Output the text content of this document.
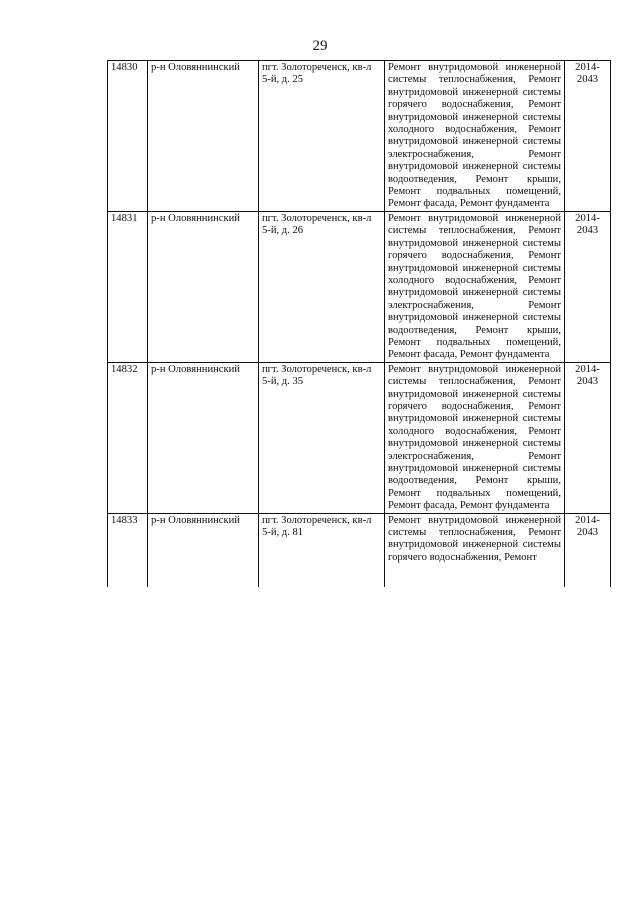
29
14830	р-н Оловяннинский	пгт. Золотореченск, кв-л 5-й, д. 25	Ремонт внутридомовой инженерной системы теплоснабжения, Ремонт внутридомовой инженерной системы горячего водоснабжения, Ремонт внутридомовой инженерной системы холодного водоснабжения, Ремонт внутридомовой инженерной системы электроснабжения, Ремонт внутридомовой инженерной системы водоотведения, Ремонт крыши, Ремонт подвальных помещений, Ремонт фасада, Ремонт фундамента	2014-2043
14831	р-н Оловяннинский	пгт. Золотореченск, кв-л 5-й, д. 26	Ремонт внутридомовой инженерной системы теплоснабжения, Ремонт внутридомовой инженерной системы горячего водоснабжения, Ремонт внутридомовой инженерной системы холодного водоснабжения, Ремонт внутридомовой инженерной системы электроснабжения, Ремонт внутридомовой инженерной системы водоотведения, Ремонт крыши, Ремонт подвальных помещений, Ремонт фасада, Ремонт фундамента	2014-2043
14832	р-н Оловяннинский	пгт. Золотореченск, кв-л 5-й, д. 35	Ремонт внутридомовой инженерной системы теплоснабжения, Ремонт внутридомовой инженерной системы горячего водоснабжения, Ремонт внутридомовой инженерной системы холодного водоснабжения, Ремонт внутридомовой инженерной системы электроснабжения, Ремонт внутридомовой инженерной системы водоотведения, Ремонт крыши, Ремонт подвальных помещений, Ремонт фасада, Ремонт фундамента	2014-2043
14833	р-н Оловяннинский	пгт. Золотореченск, кв-л 5-й, д. 81	Ремонт внутридомовой инженерной системы теплоснабжения, Ремонт внутридомовой инженерной системы горячего водоснабжения, Ремонт	2014-2043
